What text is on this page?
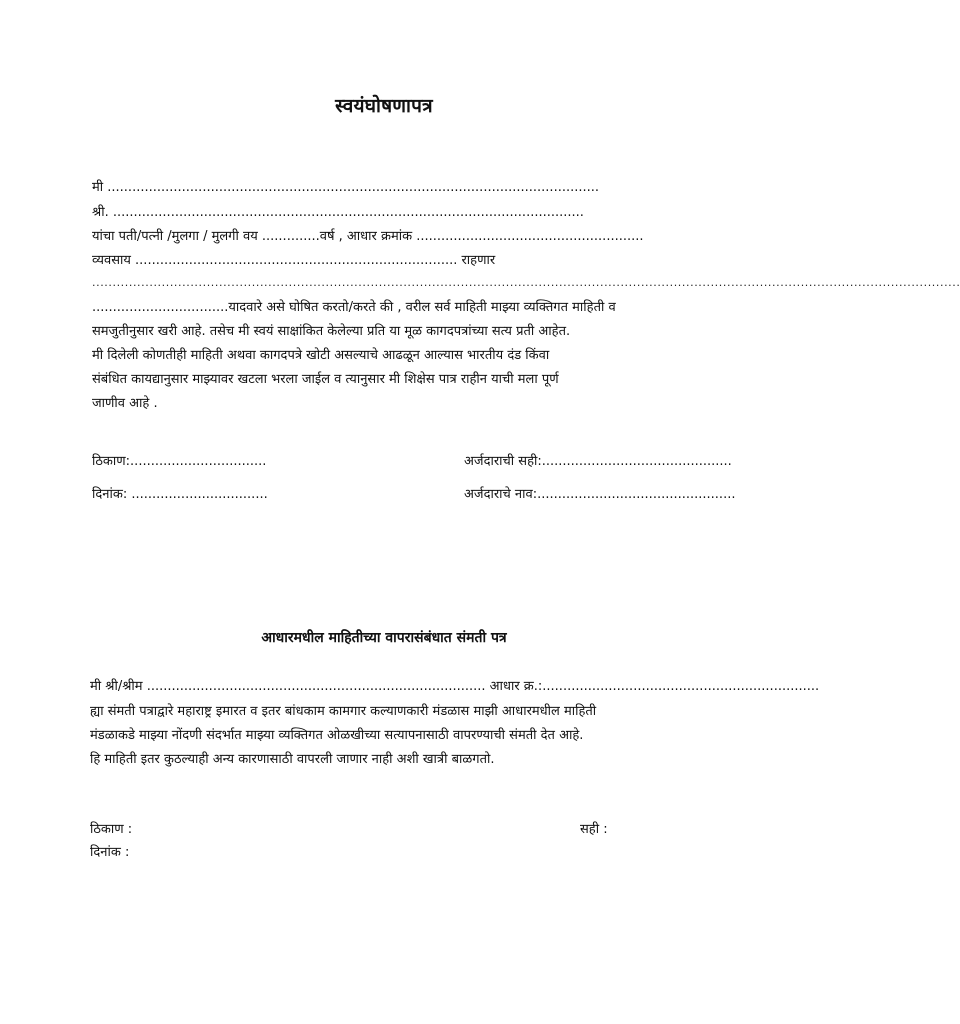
स्वयंघोषणापत्र
मी .......................................................................................................................
श्री. ..................................................................................................................
यांचा पती/पत्नी /मुलगा / मुलगी वय ..............वर्ष , आधार क्रमांक .......................................................
व्यवसाय .............................................................................. राहणार
....................................................................................................................................................................................................................

.................................यादवारे असे घोषित करतो/करते की , वरील सर्व माहिती माझ्या व्यक्तिगत माहिती व

समजुतीनुसार खरी आहे. तसेच मी स्वयं साक्षांकित केलेल्या प्रति या मूळ कागदपत्रांच्या सत्य प्रती आहेत.

मी दिलेली कोणतीही माहिती अथवा कागदपत्रे खोटी असल्याचे आढळून आल्यास भारतीय दंड किंवा

संबंधित कायद्यानुसार माझ्यावर खटला भरला जाईल व त्यानुसार मी शिक्षेस पात्र राहीन याची मला पूर्ण

जाणीव आहे .

ठिकाण:.................................	अर्जदाराची सही:..............................................
दिनांक: .................................	अर्जदाराचे नाव:................................................
आधारमधील माहितीच्या वापरासंबंधात संमती पत्र
मी श्री/श्रीम .................................................................................. आधार क्र.:...................................................................

ह्या संमती पत्राद्वारे महाराष्ट्र इमारत व इतर बांधकाम कामगार कल्याणकारी मंडळास माझी आधारमधील माहिती

मंडळाकडे माझ्या नोंदणी संदर्भात माझ्या व्यक्तिगत ओळखीच्या सत्यापनासाठी वापरण्याची संमती देत आहे.

हि माहिती इतर कुठल्याही अन्य कारणासाठी वापरली जाणार नाही अशी खात्री बाळगतो.

ठिकाण :	सही :
दिनांक :
